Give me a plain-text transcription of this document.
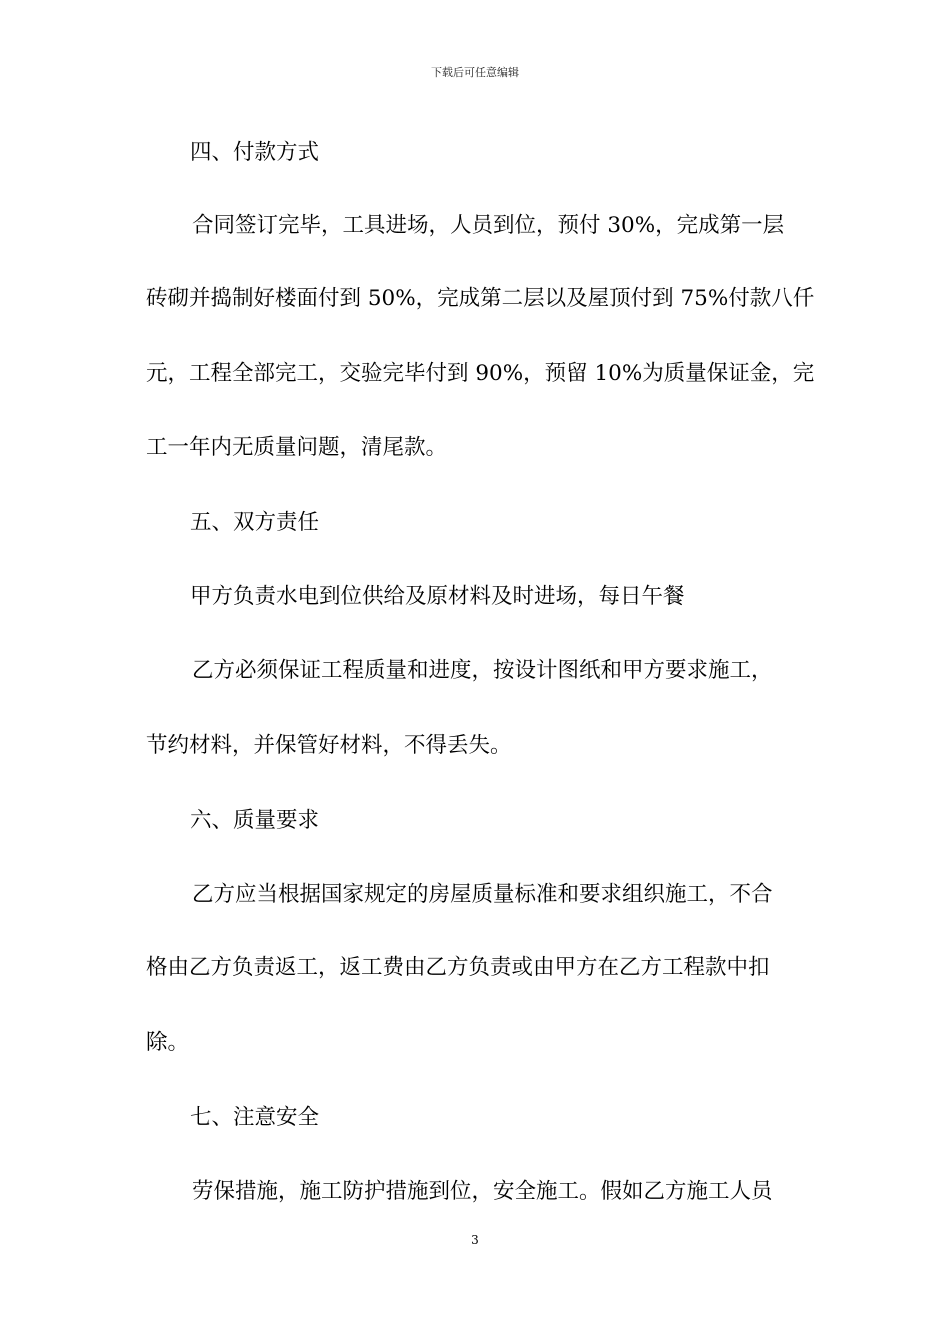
下载后可任意编辑
四、付款方式
合同签订完毕，工具进场，人员到位，预付 30%，完成第一层
砖砌并捣制好楼面付到 50%，完成第二层以及屋顶付到 75%付款八仟
元，工程全部完工，交验完毕付到 90%，预留 10%为质量保证金，完
工一年内无质量问题，清尾款。
五、双方责任
甲方负责水电到位供给及原材料及时进场，每日午餐
乙方必须保证工程质量和进度，按设计图纸和甲方要求施工，
节约材料，并保管好材料，不得丢失。
六、质量要求
乙方应当根据国家规定的房屋质量标准和要求组织施工，不合
格由乙方负责返工，返工费由乙方负责或由甲方在乙方工程款中扣
除。
七、注意安全
劳保措施，施工防护措施到位，安全施工。假如乙方施工人员
3
